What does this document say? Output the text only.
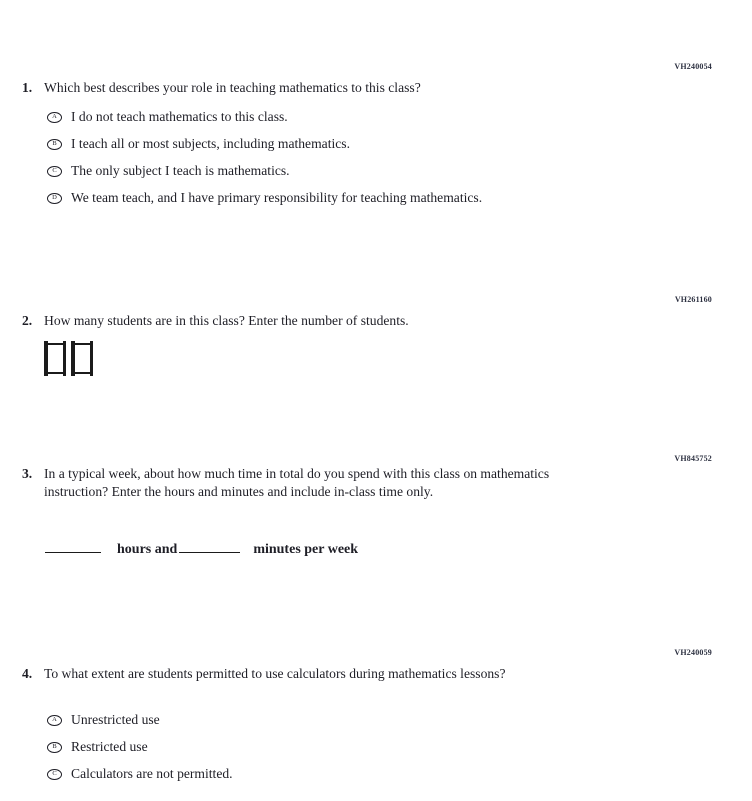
VH240054
1. Which best describes your role in teaching mathematics to this class?
A I do not teach mathematics to this class.
B I teach all or most subjects, including mathematics.
C The only subject I teach is mathematics.
D We team teach, and I have primary responsibility for teaching mathematics.
VH261160
2. How many students are in this class? Enter the number of students.
VH845752
3. In a typical week, about how much time in total do you spend with this class on mathematics instruction? Enter the hours and minutes and include in-class time only.
hours and	minutes per week
VH240059
4. To what extent are students permitted to use calculators during mathematics lessons?
A Unrestricted use
B Restricted use
C Calculators are not permitted.
